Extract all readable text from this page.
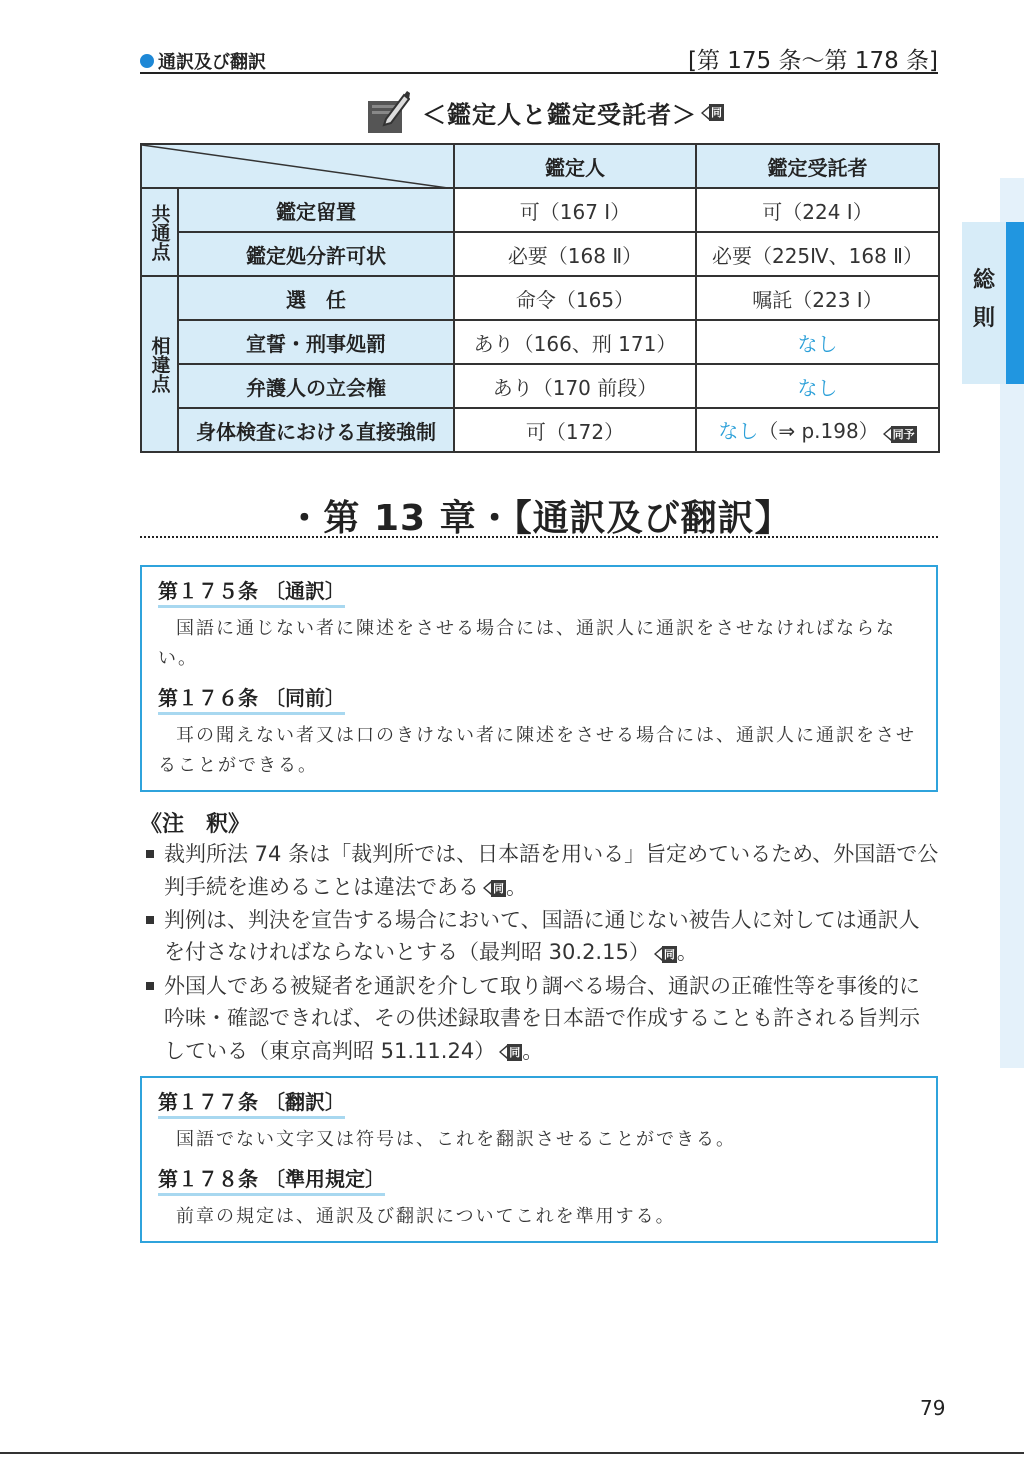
通訳及び翻訳	[第 175 条〜第 178 条]
総則
＜鑑定人と鑑定受託者＞	同
	鑑定人	鑑定受託者
共通点	鑑定留置	可（167 Ⅰ）	可（224 Ⅰ）
	鑑定処分許可状	必要（168 Ⅱ）	必要（225Ⅳ、168 Ⅱ）
相違点	選　任	命令（165）	嘱託（223 Ⅰ）
	宣誓・刑事処罰	あり（166、刑 171）	なし
	弁護人の立会権	あり（170 前段）	なし
	身体検査における直接強制	可（172）	なし（⇒ p.198） 同予
・第 13 章・【通訳及び翻訳】
第１７５条 〔通訳〕
国語に通じない者に陳述をさせる場合には、通訳人に通訳をさせなければならない。
第１７６条 〔同前〕
耳の聞えない者又は口のきけない者に陳述をさせる場合には、通訳人に通訳をさせることができる。
《注　釈》
裁判所法 74 条は「裁判所では、日本語を用いる」旨定めているため、外国語で公判手続を進めることは違法である 同。
判例は、判決を宣告する場合において、国語に通じない被告人に対しては通訳人を付さなければならないとする（最判昭 30.2.15） 同。
外国人である被疑者を通訳を介して取り調べる場合、通訳の正確性等を事後的に吟味・確認できれば、その供述録取書を日本語で作成することも許される旨判示している（東京高判昭 51.11.24） 同。
第１７７条 〔翻訳〕
国語でない文字又は符号は、これを翻訳させることができる。
第１７８条 〔準用規定〕
前章の規定は、通訳及び翻訳についてこれを準用する。
79
